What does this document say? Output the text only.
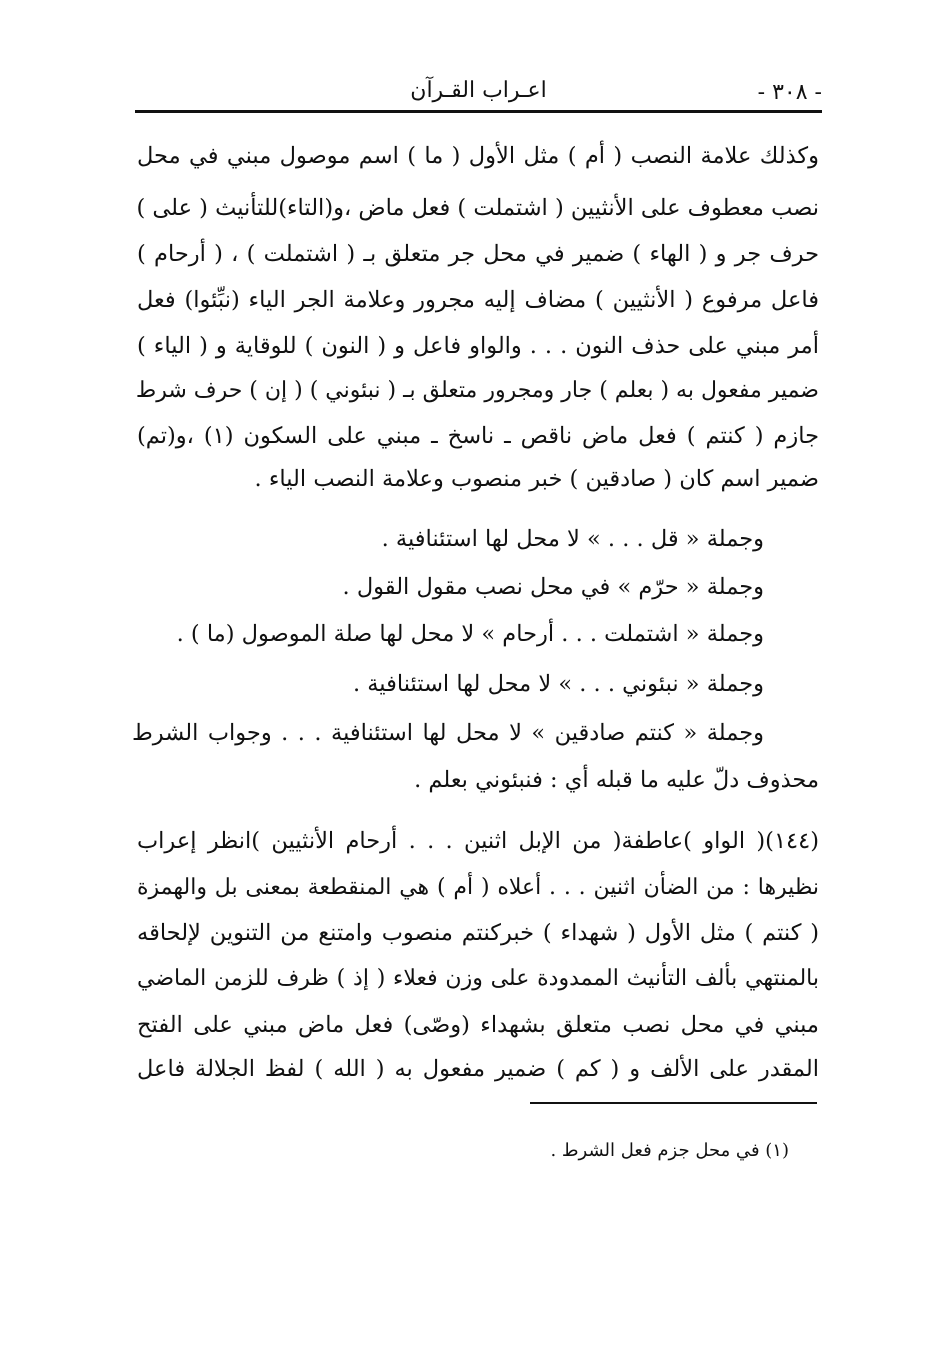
- ٣٠٨ -
اعـراب القـرآن
وكذلك علامة النصب ( أم ) مثل الأول ( ما ) اسم موصول مبني في محل
نصب معطوف على الأنثيين ( اشتملت ) فعل ماض ،و(التاء)للتأنيث ( على )
حرف جر و ( الهاء ) ضمير في محل جر متعلق بـ ( اشتملت ) ، ( أرحام )
فاعل مرفوع ( الأنثيين ) مضاف إليه مجرور وعلامة الجر الياء (نبِّئوا) فعل
أمر مبني على حذف النون . . . والواو فاعل و ( النون ) للوقاية و ( الياء )
ضمير مفعول به ( بعلم ) جار ومجرور متعلق بـ ( نبئوني ) ( إن ) حرف شرط
جازم ( كنتم ) فعل ماض ناقص ـ ناسخ ـ مبني على السكون (١) ،و(تم)
ضمير اسم كان ( صادقين ) خبر منصوب وعلامة النصب الياء .
وجملة « قل . . . » لا محل لها استئنافية .
وجملة « حرّم » في محل نصب مقول القول .
وجملة « اشتملت . . . أرحام » لا محل لها صلة الموصول (ما ) .
وجملة « نبئوني . . . » لا محل لها استئنافية .
وجملة « كنتم صادقين » لا محل لها استئنافية . . . وجواب الشرط
محذوف دلّ عليه ما قبله أي : فنبئوني بعلم .
(١٤٤)( الواو )عاطفة( من الإبل اثنين . . . أرحام الأنثيين )انظر إعراب
نظيرها : من الضأن اثنين . . . أعلاه ( أم ) هي المنقطعة بمعنى بل والهمزة
( كنتم ) مثل الأول ( شهداء ) خبركنتم منصوب وامتنع من التنوين لإلحاقه
بالمنتهي بألف التأنيث الممدودة على وزن فعلاء ( إذ ) ظرف للزمن الماضي
مبني في محل نصب متعلق بشهداء (وصّى) فعل ماض مبني على الفتح
المقدر على الألف و ( كم ) ضمير مفعول به ( الله ) لفظ الجلالة فاعل
(١) في محل جزم فعل الشرط .
